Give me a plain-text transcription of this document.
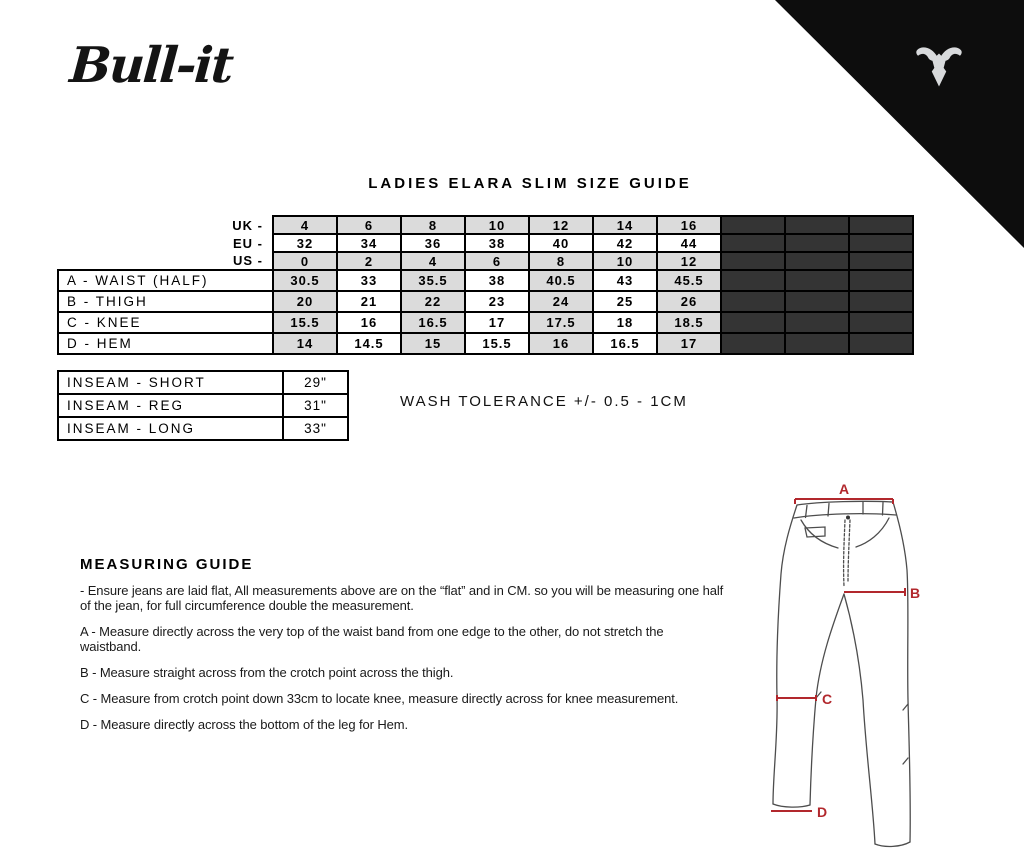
Bull-it
LADIES ELARA SLIM SIZE GUIDE
UK -	4	6	8	10	12	14	16			
EU -	32	34	36	38	40	42	44			
US -	0	2	4	6	8	10	12			
A - WAIST (HALF)	30.5	33	35.5	38	40.5	43	45.5			
B - THIGH	20	21	22	23	24	25	26			
C - KNEE	15.5	16	16.5	17	17.5	18	18.5			
D - HEM	14	14.5	15	15.5	16	16.5	17			
INSEAM - SHORT	29"
INSEAM - REG	31"
INSEAM - LONG	33"
WASH TOLERANCE +/- 0.5 - 1CM
MEASURING GUIDE

- Ensure jeans are laid flat, All measurements above are on the “flat” and in CM. so you will be measuring one half of the jean, for full circumference double the measurement.

A - Measure directly across the very top of the waist band from one edge to the other, do not stretch the waistband.

B - Measure straight across from the crotch point across the thigh.

C - Measure from crotch point down 33cm to locate knee, measure directly across for knee measurement.

D - Measure directly across the bottom of the leg for Hem.

A
B
C
D
